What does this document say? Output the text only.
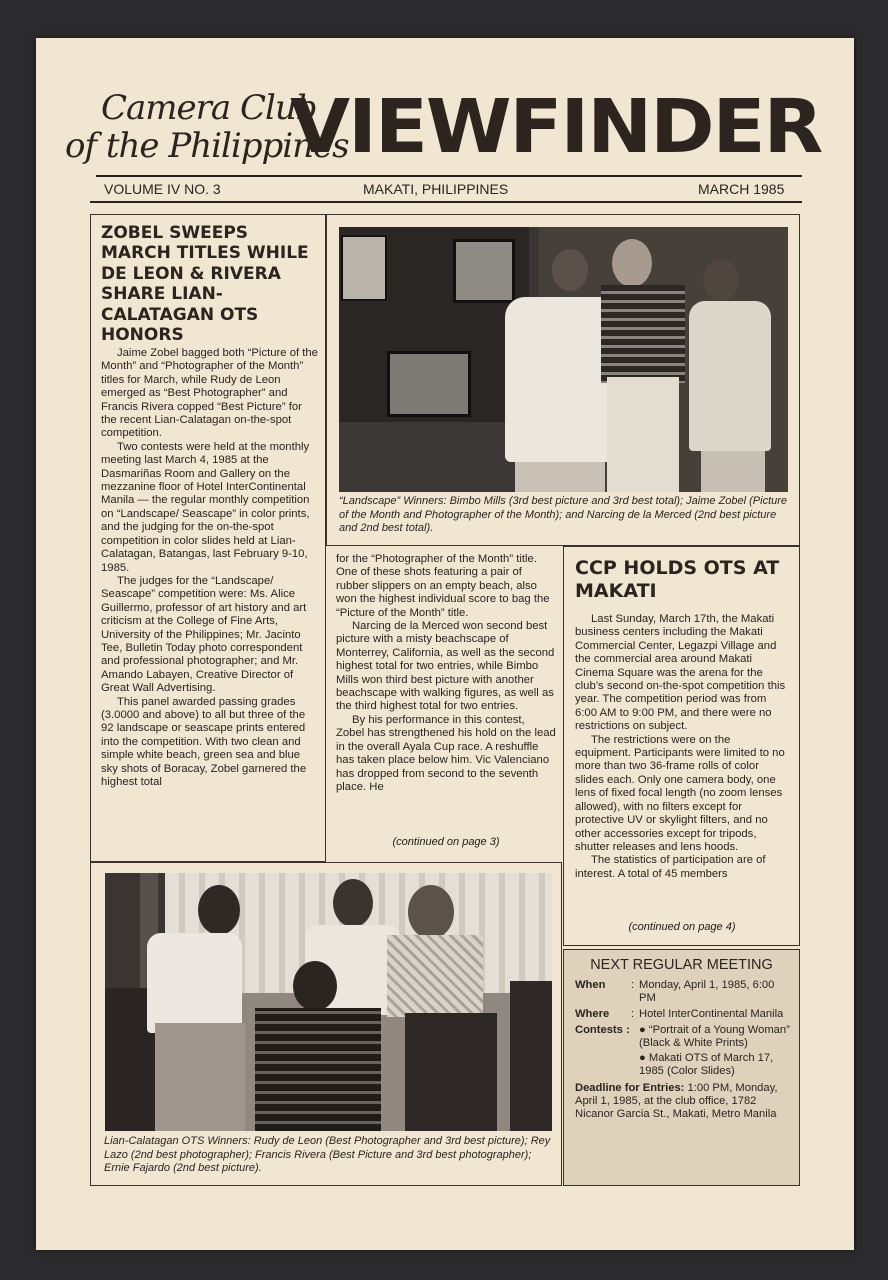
Camera Club
of the Philippines
VIEWFINDER
VOLUME IV NO. 3	MAKATI, PHILIPPINES	MARCH 1985
ZOBEL SWEEPS MARCH TITLES WHILE DE LEON & RIVERA SHARE LIAN-CALATAGAN OTS HONORS

Jaime Zobel bagged both “Picture of the Month” and “Photographer of the Month” titles for March, while Rudy de Leon emerged as “Best Photographer” and Francis Rivera copped “Best Picture” for the recent Lian-Calatagan on-the-spot competition.

Two contests were held at the monthly meeting last March 4, 1985 at the Dasmariñas Room and Gallery on the mezzanine floor of Hotel InterContinental Manila — the regular monthly competition on “Landscape/ Seascape” in color prints, and the judging for the on-the-spot competition in color slides held at Lian-Calatagan, Batangas, last February 9-10, 1985.

The judges for the “Landscape/ Seascape” competition were: Ms. Alice Guillermo, professor of art history and art criticism at the College of Fine Arts, University of the Philippines; Mr. Jacinto Tee, Bulletin Today photo correspondent and professional photographer; and Mr. Amando Labayen, Creative Director of Great Wall Advertising.

This panel awarded passing grades (3.0000 and above) to all but three of the 92 landscape or seascape prints entered into the competition. With two clean and simple white beach, green sea and blue sky shots of Boracay, Zobel garnered the highest total

for the “Photographer of the Month” title. One of these shots featuring a pair of rubber slippers on an empty beach, also won the highest individual score to bag the “Picture of the Month” title.

Narcing de la Merced won second best picture with a misty beachscape of Monterrey, California, as well as the second highest total for two entries, while Bimbo Mills won third best picture with another beachscape with walking figures, as well as the third highest total for two entries.

By his performance in this contest, Zobel has strengthened his hold on the lead in the overall Ayala Cup race. A reshuffle has taken place below him. Vic Valenciano has dropped from second to the seventh place. He

(continued on page 3)
“Landscape” Winners: Bimbo Mills (3rd best picture and 3rd best total); Jaime Zobel (Picture of the Month and Photographer of the Month); and Narcing de la Merced (2nd best picture and 2nd best total).
CCP HOLDS OTS AT MAKATI

Last Sunday, March 17th, the Makati business centers including the Makati Commercial Center, Legazpi Village and the commercial area around Makati Cinema Square was the arena for the club’s second on-the-spot competition this year. The competition period was from 6:00 AM to 9:00 PM, and there were no restrictions on subject.

The restrictions were on the equipment. Participants were limited to no more than two 36-frame rolls of color slides each. Only one camera body, one lens of fixed focal length (no zoom lenses allowed), with no filters except for protective UV or skylight filters, and no other accessories except for tripods, shutter releases and lens hoods.

The statistics of participation are of interest. A total of 45 members

(continued on page 4)
Lian-Calatagan OTS Winners: Rudy de Leon (Best Photographer and 3rd best picture); Rey Lazo (2nd best photographer); Francis Rivera (Best Picture and 3rd best photographer); Ernie Fajardo (2nd best picture).
NEXT REGULAR MEETING
When	:	Monday, April 1, 1985, 6:00 PM
Where	:	Hotel InterContinental Manila
Contests :		● “Portrait of a Young Woman” (Black & White Prints)
		● Makati OTS of March 17, 1985 (Color Slides)
Deadline for Entries: 1:00 PM, Monday, April 1, 1985, at the club office, 1782 Nicanor Garcia St., Makati, Metro Manila
